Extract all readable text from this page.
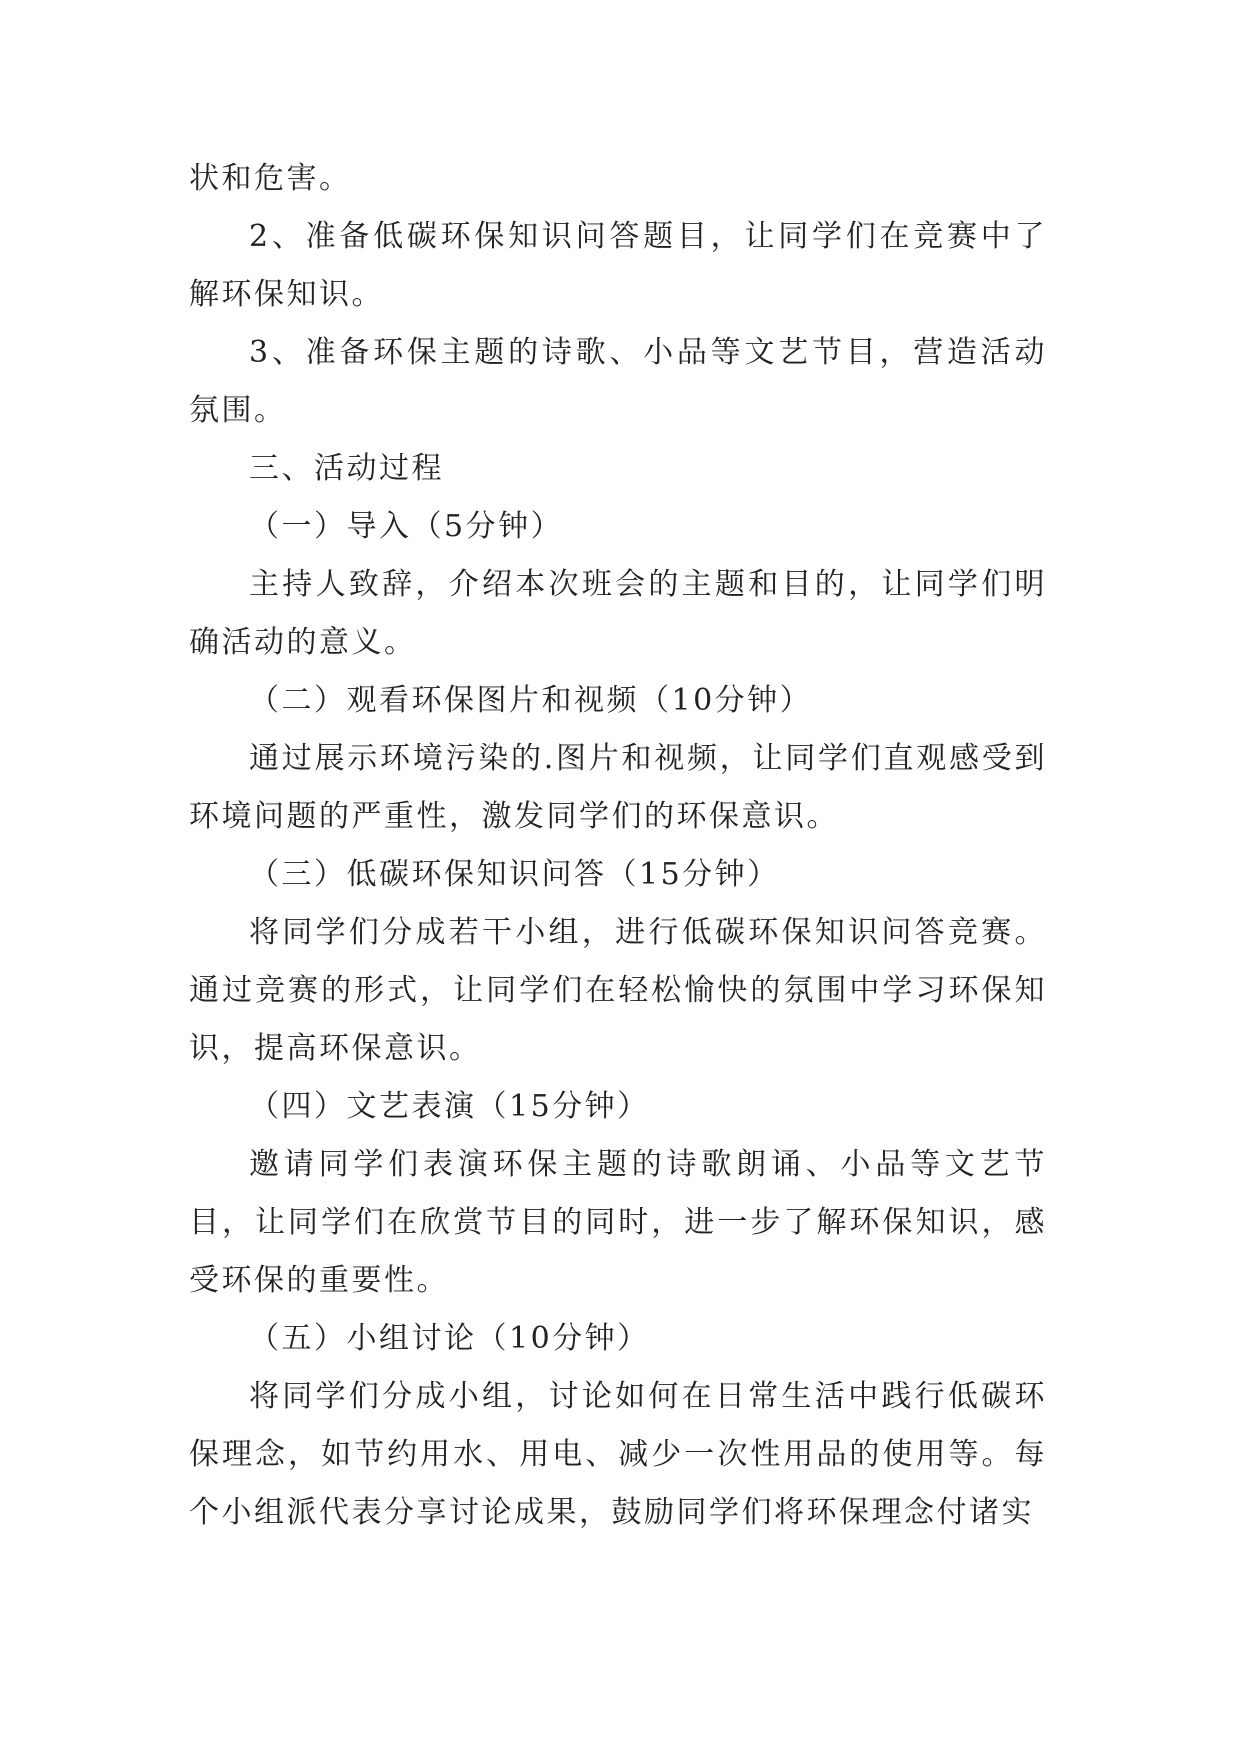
状和危害。

2、准备低碳环保知识问答题目，让同学们在竞赛中了解环保知识。

3、准备环保主题的诗歌、小品等文艺节目，营造活动氛围。

三、活动过程

（一）导入（5分钟）

主持人致辞，介绍本次班会的主题和目的，让同学们明确活动的意义。

（二）观看环保图片和视频（10分钟）

通过展示环境污染的.图片和视频，让同学们直观感受到环境问题的严重性，激发同学们的环保意识。

（三）低碳环保知识问答（15分钟）

将同学们分成若干小组，进行低碳环保知识问答竞赛。通过竞赛的形式，让同学们在轻松愉快的氛围中学习环保知识，提高环保意识。

（四）文艺表演（15分钟）

邀请同学们表演环保主题的诗歌朗诵、小品等文艺节目，让同学们在欣赏节目的同时，进一步了解环保知识，感受环保的重要性。

（五）小组讨论（10分钟）

将同学们分成小组，讨论如何在日常生活中践行低碳环保理念，如节约用水、用电、减少一次性用品的使用等。每个小组派代表分享讨论成果，鼓励同学们将环保理念付诸实
